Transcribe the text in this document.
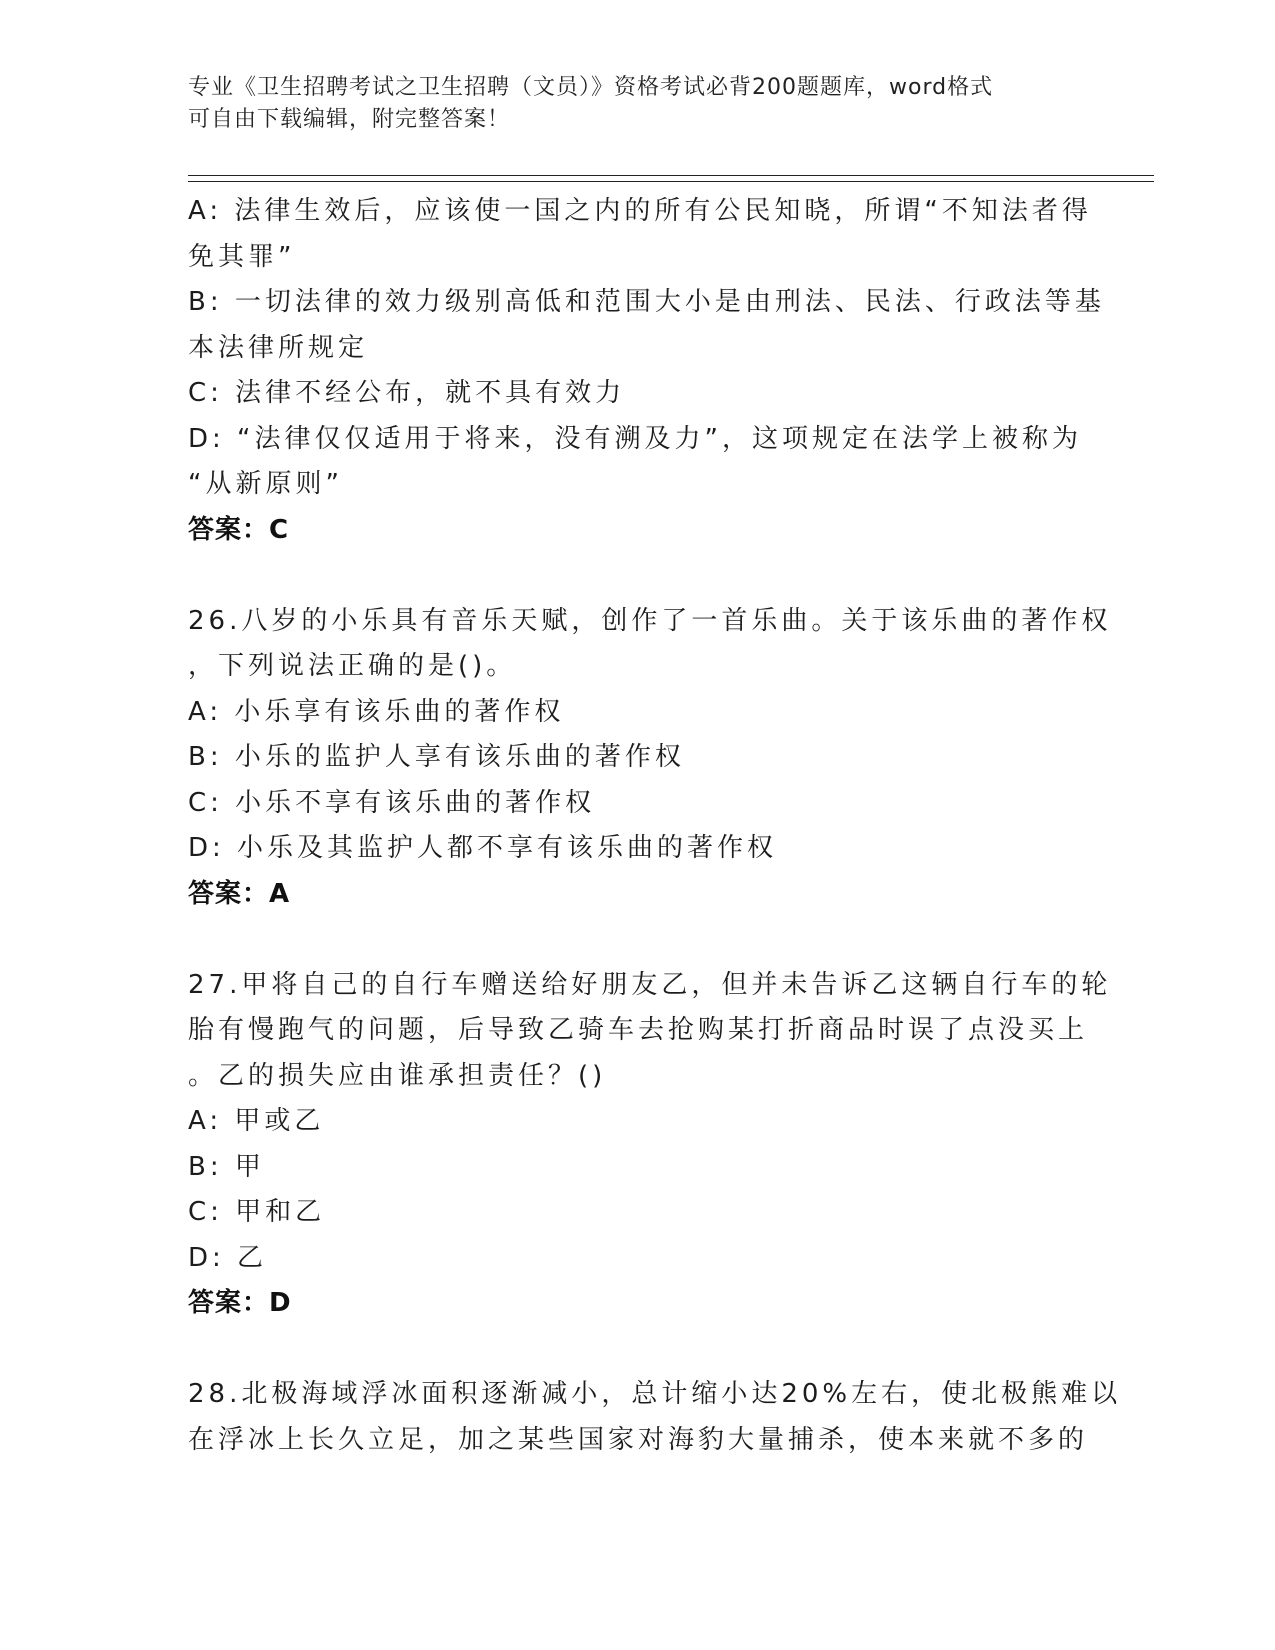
专业《卫生招聘考试之卫生招聘（文员）》资格考试必背200题题库，word格式
可自由下载编辑，附完整答案！
A: 法律生效后，应该使一国之内的所有公民知晓，所谓“不知法者得
免其罪”
B: 一切法律的效力级别高低和范围大小是由刑法、民法、行政法等基
本法律所规定
C: 法律不经公布，就不具有效力
D: “法律仅仅适用于将来，没有溯及力”，这项规定在法学上被称为
“从新原则”
答案：C
26.八岁的小乐具有音乐天赋，创作了一首乐曲。关于该乐曲的著作权
，下列说法正确的是()。
A: 小乐享有该乐曲的著作权
B: 小乐的监护人享有该乐曲的著作权
C: 小乐不享有该乐曲的著作权
D: 小乐及其监护人都不享有该乐曲的著作权
答案：A
27.甲将自己的自行车赠送给好朋友乙，但并未告诉乙这辆自行车的轮
胎有慢跑气的问题，后导致乙骑车去抢购某打折商品时误了点没买上
。乙的损失应由谁承担责任？()
A: 甲或乙
B: 甲
C: 甲和乙
D: 乙
答案：D
28.北极海域浮冰面积逐渐减小，总计缩小达20%左右，使北极熊难以
在浮冰上长久立足，加之某些国家对海豹大量捕杀，使本来就不多的
